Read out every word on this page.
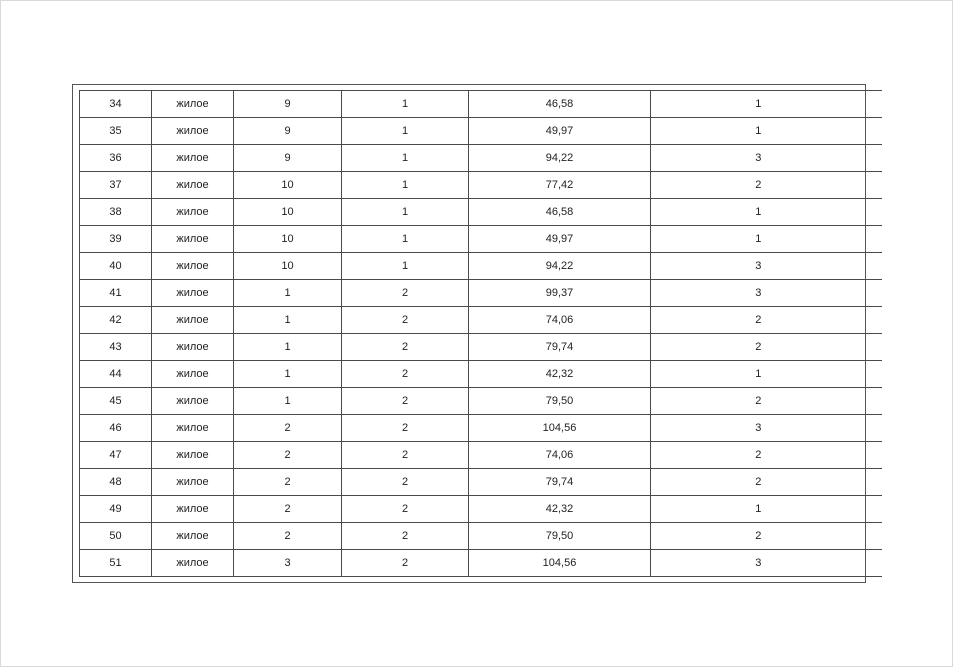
34	жилое	9	1	46,58	1	
35	жилое	9	1	49,97	1	
36	жилое	9	1	94,22	3	
37	жилое	10	1	77,42	2	
38	жилое	10	1	46,58	1	
39	жилое	10	1	49,97	1	
40	жилое	10	1	94,22	3	
41	жилое	1	2	99,37	3	
42	жилое	1	2	74,06	2	
43	жилое	1	2	79,74	2	
44	жилое	1	2	42,32	1	
45	жилое	1	2	79,50	2	
46	жилое	2	2	104,56	3	
47	жилое	2	2	74,06	2	
48	жилое	2	2	79,74	2	
49	жилое	2	2	42,32	1	
50	жилое	2	2	79,50	2	
51	жилое	3	2	104,56	3	
